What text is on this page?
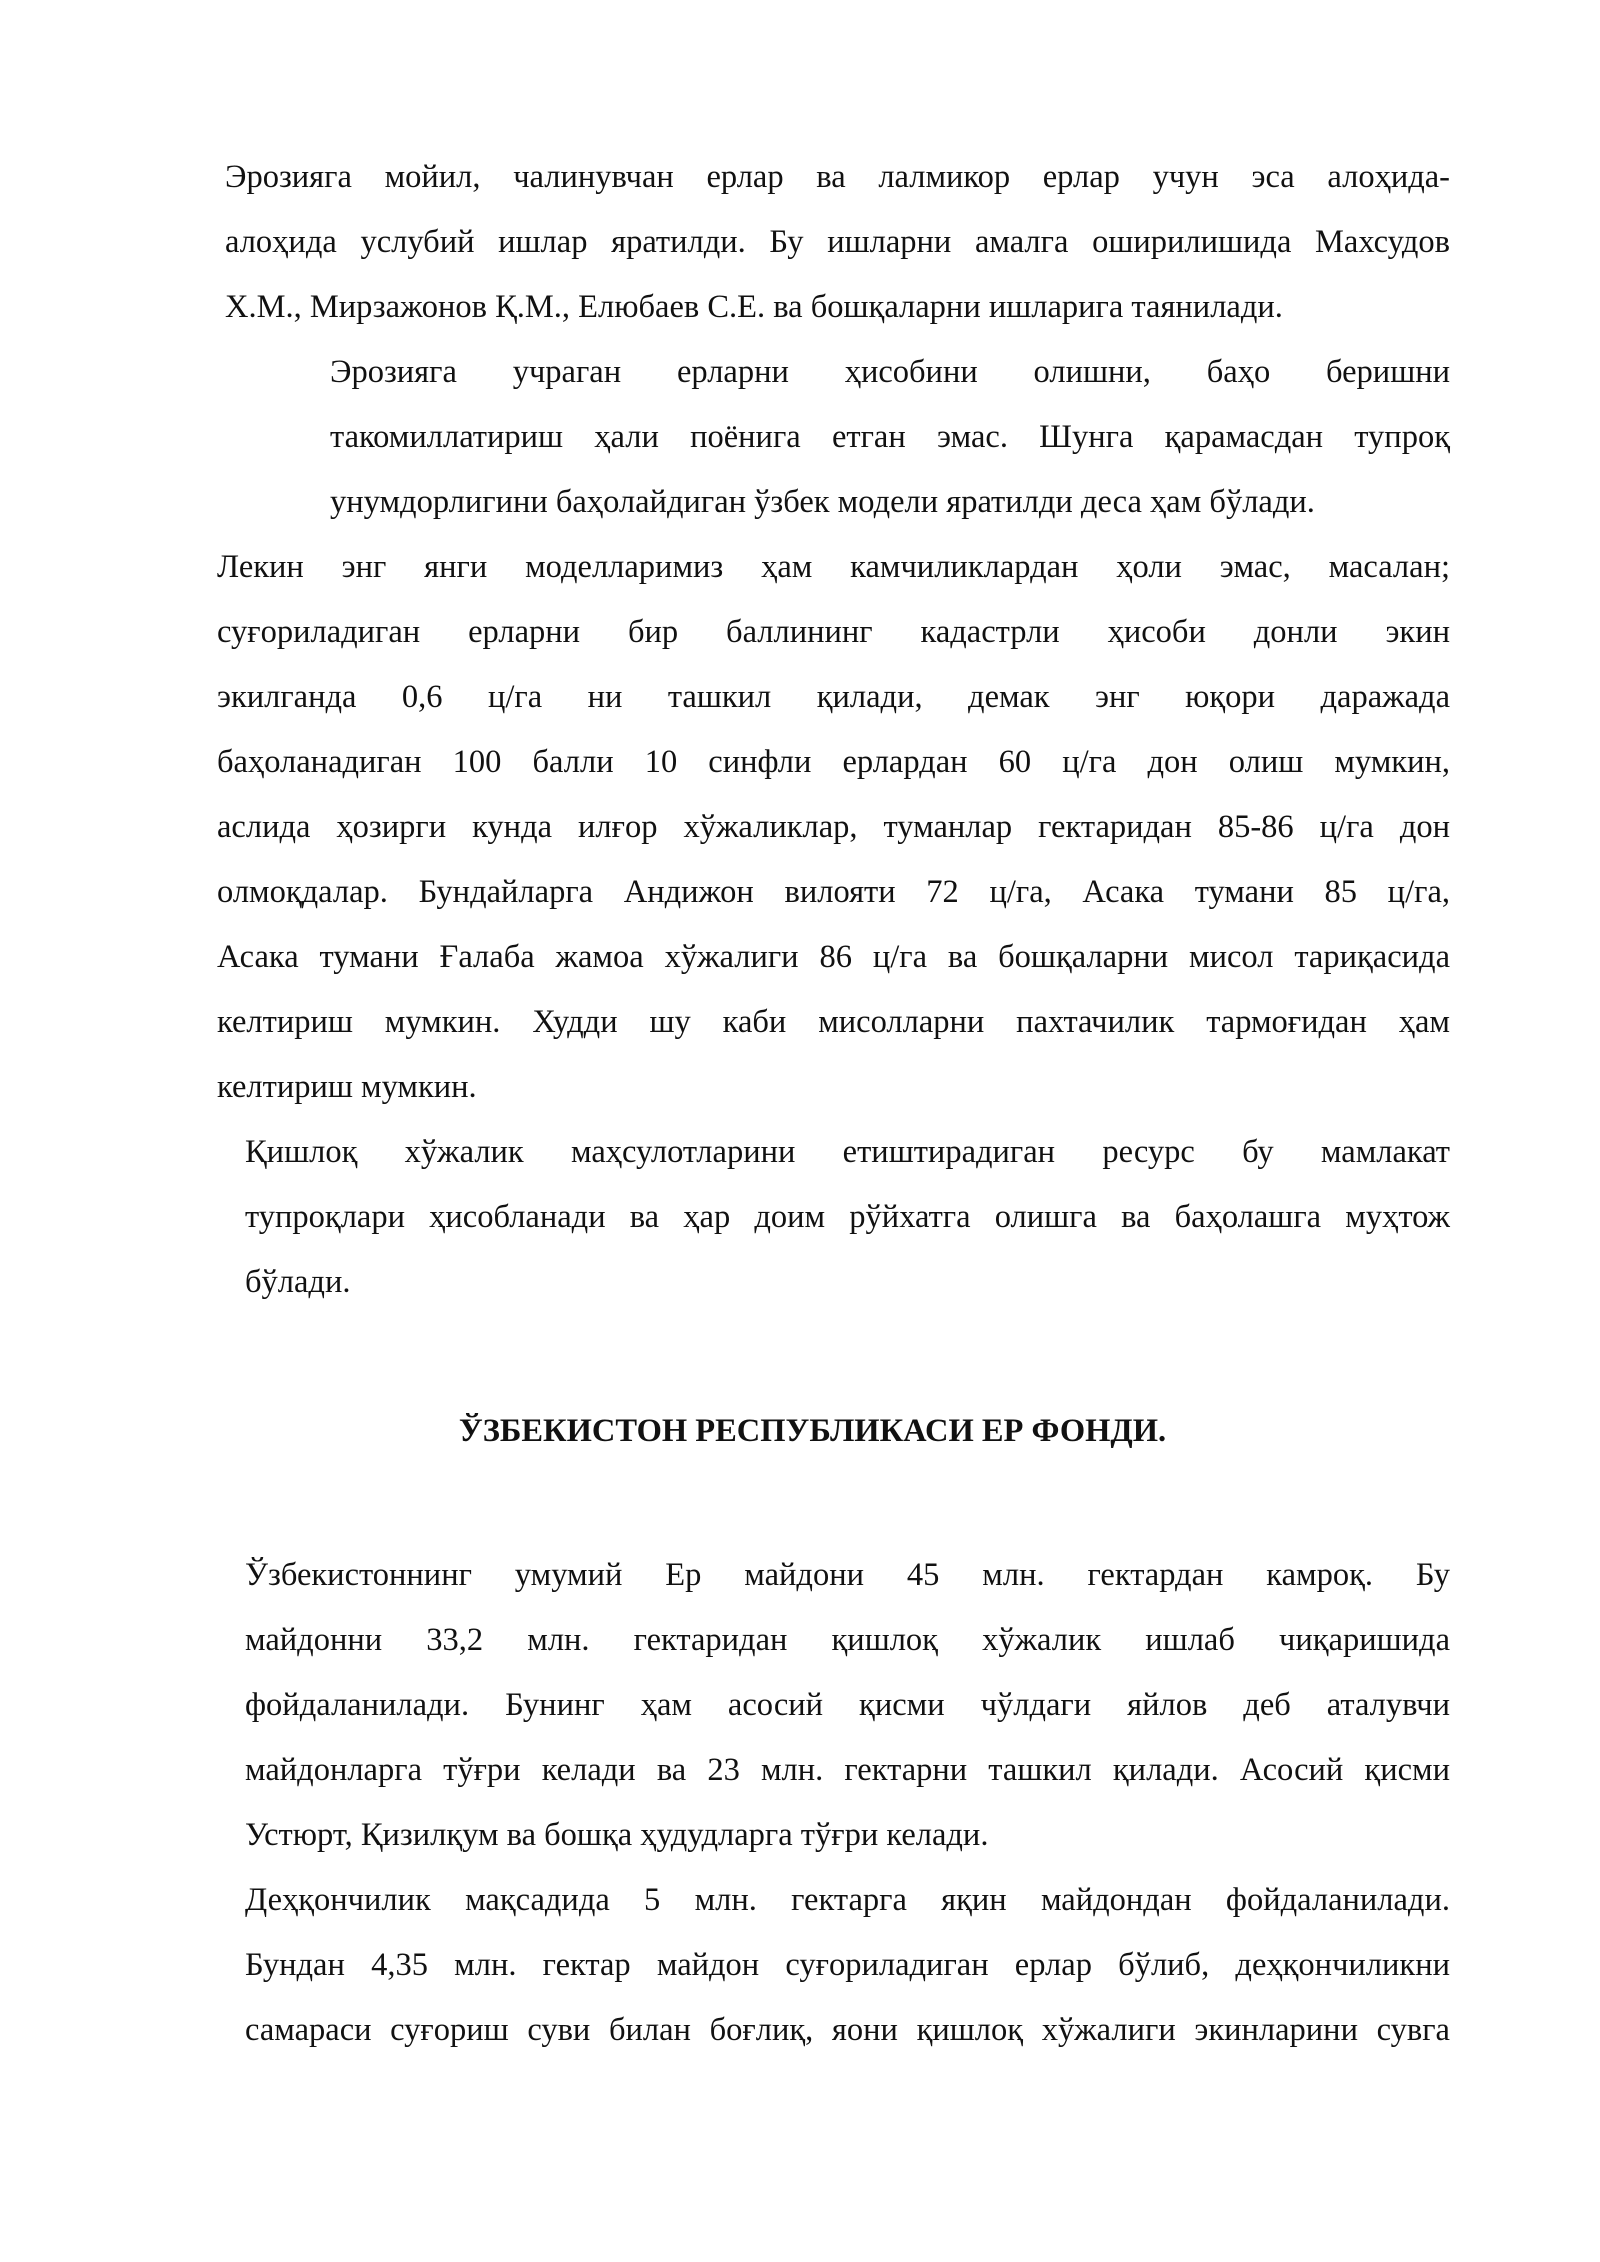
Эрозияга мойил, чалинувчан ерлар ва лалмикор ерлар учун эса алоҳида-
алоҳида услубий ишлар яратилди. Бу ишларни амалга оширилишида Махсудов
Х.М., Мирзажонов Қ.М., Елюбаев С.Е. ва бошқаларни ишларига таянилади.

Эрозияга учраган ерларни ҳисобини олишни, баҳо беришни
такомиллатириш ҳали поёнига етган эмас. Шунга қарамасдан тупроқ
унумдорлигини баҳолайдиган ўзбек модели яратилди деса ҳам бўлади.

Лекин энг янги моделларимиз ҳам камчиликлардан ҳоли эмас, масалан;
суғориладиган ерларни бир баллининг кадастрли ҳисоби донли экин
экилганда 0,6 ц/га ни ташкил қилади, демак энг юқори даражада
баҳоланадиган 100 балли 10 синфли ерлардан 60 ц/га дон олиш мумкин,
аслида ҳозирги кунда илғор хўжаликлар, туманлар гектаридан 85-86 ц/га дон
олмоқдалар. Бундайларга Андижон вилояти 72 ц/га, Асака тумани 85 ц/га,
Асака тумани Ғалаба жамоа хўжалиги 86 ц/га ва бошқаларни мисол тариқасида
келтириш мумкин. Худди шу каби мисолларни пахтачилик тармоғидан ҳам
келтириш мумкин.

Қишлоқ хўжалик маҳсулотларини етиштирадиган ресурс бу мамлакат
тупроқлари ҳисобланади ва ҳар доим рўйхатга олишга ва баҳолашга муҳтож
бўлади.

ЎЗБЕКИСТОН РЕСПУБЛИКАСИ ЕР ФОНДИ.

Ўзбекистоннинг умумий Ер майдони 45 млн. гектардан камроқ. Бу
майдонни 33,2 млн. гектаридан қишлоқ хўжалик ишлаб чиқаришида
фойдаланилади. Бунинг ҳам асосий қисми чўлдаги яйлов деб аталувчи
майдонларга тўғри келади ва 23 млн. гектарни ташкил қилади. Асосий қисми
Устюрт, Қизилқум ва бошқа ҳудудларга тўғри келади.

Деҳқончилик мақсадида 5 млн. гектарга яқин майдондан фойдаланилади.
Бундан 4,35 млн. гектар майдон суғориладиган ерлар бўлиб, деҳқончиликни
самараси суғориш суви билан боғлиқ, яони қишлоқ хўжалиги экинларини сувга
